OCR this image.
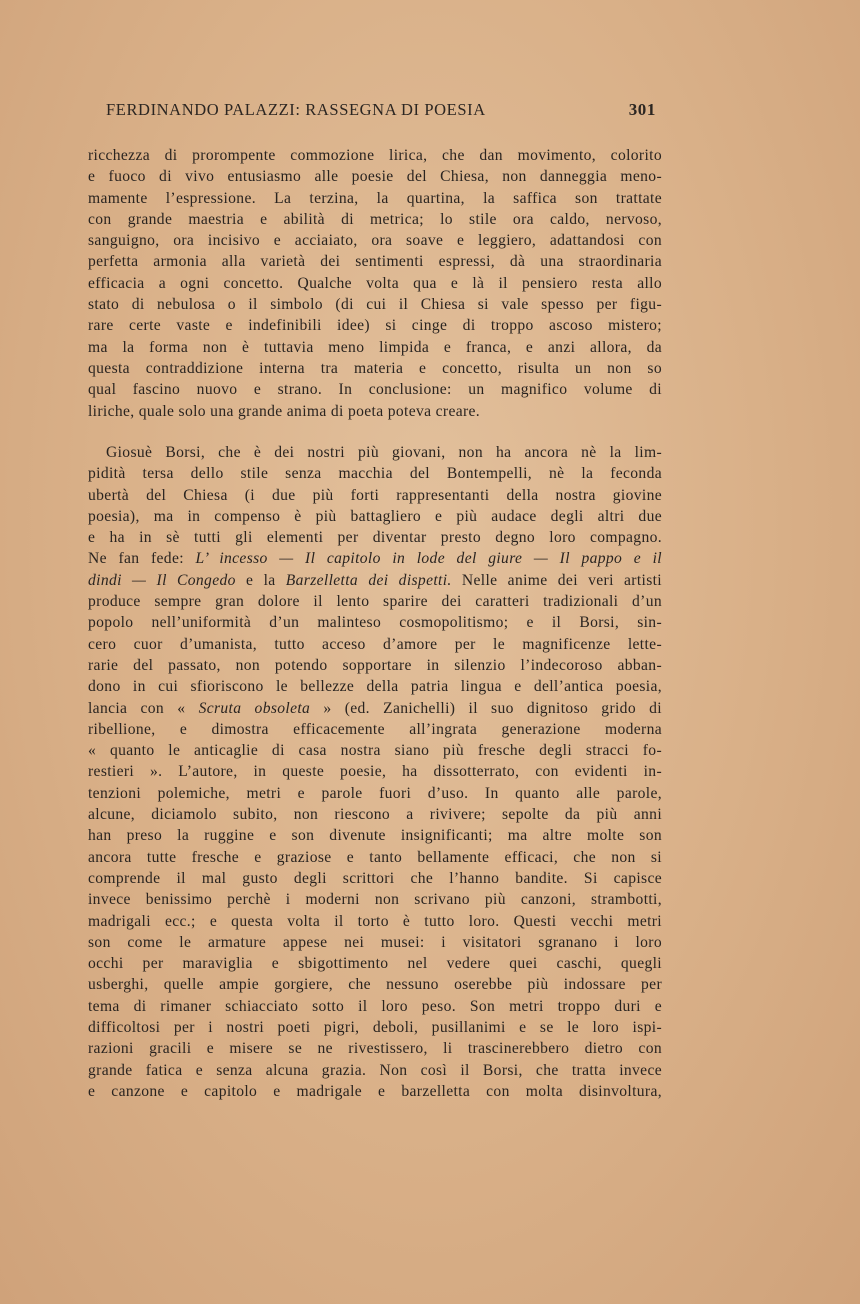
FERDINANDO PALAZZI: RASSEGNA DI POESIA	301
ricchezza di prorompente commozione lirica, che dan movimento, colorito
e fuoco di vivo entusiasmo alle poesie del Chiesa, non danneggia meno-
mamente l’espressione. La terzina, la quartina, la saffica son trattate
con grande maestria e abilità di metrica; lo stile ora caldo, nervoso,
sanguigno, ora incisivo e acciaiato, ora soave e leggiero, adattandosi con
perfetta armonia alla varietà dei sentimenti espressi, dà una straordinaria
efficacia a ogni concetto. Qualche volta qua e là il pensiero resta allo
stato di nebulosa o il simbolo (di cui il Chiesa si vale spesso per figu-
rare certe vaste e indefinibili idee) si cinge di troppo ascoso mistero;
ma la forma non è tuttavia meno limpida e franca, e anzi allora, da
questa contraddizione interna tra materia e concetto, risulta un non so
qual fascino nuovo e strano. In conclusione: un magnifico volume di
liriche, quale solo una grande anima di poeta poteva creare.
Giosuè Borsi, che è dei nostri più giovani, non ha ancora nè la lim-
pidità tersa dello stile senza macchia del Bontempelli, nè la feconda
ubertà del Chiesa (i due più forti rappresentanti della nostra giovine
poesia), ma in compenso è più battagliero e più audace degli altri due
e ha in sè tutti gli elementi per diventar presto degno loro compagno.
Ne fan fede: L’ incesso — Il capitolo in lode del giure — Il pappo e il
dindi — Il Congedo e la Barzelletta dei dispetti. Nelle anime dei veri artisti
produce sempre gran dolore il lento sparire dei caratteri tradizionali d’un
popolo nell’uniformità d’un malinteso cosmopolitismo; e il Borsi, sin-
cero cuor d’umanista, tutto acceso d’amore per le magnificenze lette-
rarie del passato, non potendo sopportare in silenzio l’indecoroso abban-
dono in cui sfioriscono le bellezze della patria lingua e dell’antica poesia,
lancia con « Scruta obsoleta » (ed. Zanichelli) il suo dignitoso grido di
ribellione, e dimostra efficacemente all’ingrata generazione moderna
« quanto le anticaglie di casa nostra siano più fresche degli stracci fo-
restieri ». L’autore, in queste poesie, ha dissotterrato, con evidenti in-
tenzioni polemiche, metri e parole fuori d’uso. In quanto alle parole,
alcune, diciamolo subito, non riescono a rivivere; sepolte da più anni
han preso la ruggine e son divenute insignificanti; ma altre molte son
ancora tutte fresche e graziose e tanto bellamente efficaci, che non si
comprende il mal gusto degli scrittori che l’hanno bandite. Si capisce
invece benissimo perchè i moderni non scrivano più canzoni, strambotti,
madrigali ecc.; e questa volta il torto è tutto loro. Questi vecchi metri
son come le armature appese nei musei: i visitatori sgranano i loro
occhi per maraviglia e sbigottimento nel vedere quei caschi, quegli
usberghi, quelle ampie gorgiere, che nessuno oserebbe più indossare per
tema di rimaner schiacciato sotto il loro peso. Son metri troppo duri e
difficoltosi per i nostri poeti pigri, deboli, pusillanimi e se le loro ispi-
razioni gracili e misere se ne rivestissero, li trascinerebbero dietro con
grande fatica e senza alcuna grazia. Non così il Borsi, che tratta invece
e canzone e capitolo e madrigale e barzelletta con molta disinvoltura,
